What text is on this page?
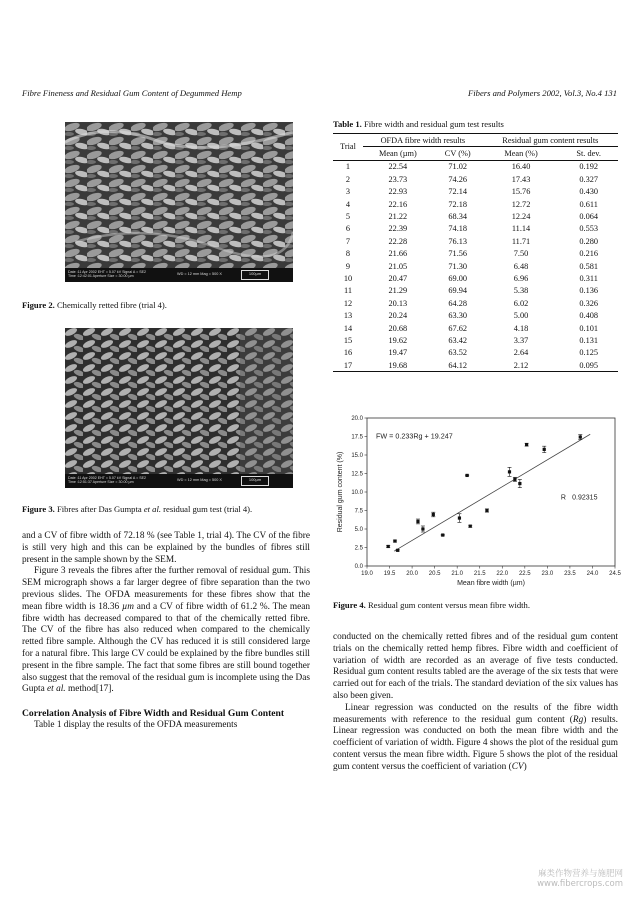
Fibre Fineness and Residual Gum Content of Degummed Hemp	Fibers and Polymers 2002, Vol.3, No.4 131
Date :11 Apr 2002 EHT = 5.07 kV Signal A = SE2
Time :12:42:01 Aperture Size = 30.00 µm
WD = 12 mm Mag = 500 X	100µm
Figure 2. Chemically retted fibre (trial 4).
Date :11 Apr 2002 EHT = 5.07 kV Signal A = SE2
Time :12:51:37 Aperture Size = 30.00 µm
WD = 12 mm Mag = 500 X	100µm
Figure 3. Fibres after Das Gumpta et al. residual gum test (trial 4).

and a CV of fibre width of 72.18 % (see Table 1, trial 4). The CV of the fibre is still very high and this can be explained by the bundles of fibres still present in the sample shown by the SEM.

Figure 3 reveals the fibres after the further removal of residual gum. This SEM micrograph shows a far larger degree of fibre separation than the two previous slides. The OFDA measurements for these fibres show that the mean fibre width is 18.36 µm and a CV of fibre width of 61.2 %. The mean fibre width has decreased compared to that of the chemically retted fibre. The CV of the fibre has also reduced when compared to the chemically retted fibre sample. Although the CV has reduced it is still considered large for a natural fibre. This large CV could be explained by the fibre bundles still present in the fibre sample. The fact that some fibres are still bound together also suggest that the removal of the residual gum is incomplete using the Das Gupta et al. method[17].

Correlation Analysis of Fibre Width and Residual Gum Content

Table 1 display the results of the OFDA measurements

Table 1. Fibre width and residual gum test results
Trial	OFDA fibre width results		Residual gum content results	
	Mean (µm)	CV (%)	Mean (%)	St. dev.
1	22.54	71.02	16.40	0.192
2	23.73	74.26	17.43	0.327
3	22.93	72.14	15.76	0.430
4	22.16	72.18	12.72	0.611
5	21.22	68.34	12.24	0.064
6	22.39	74.18	11.14	0.553
7	22.28	76.13	11.71	0.280
8	21.66	71.56	7.50	0.216
9	21.05	71.30	6.48	0.581
10	20.47	69.00	6.96	0.311
11	21.29	69.94	5.38	0.136
12	20.13	64.28	6.02	0.326
13	20.24	63.30	5.00	0.408
14	20.68	67.62	4.18	0.101
15	19.62	63.42	3.37	0.131
16	19.47	63.52	2.64	0.125
17	19.68	64.12	2.12	0.095
19.0 19.5 20.0 20.5 21.0 21.5 22.0 22.5 23.0 23.5 24.0 24.5
0.0
2.5
5.0
7.5
10.0
12.5
15.0
17.5
20.0
FW = 0.233Rg + 19.247
R 0.92315
Mean fibre width (µm)
Residual gum content (%)
Figure 4. Residual gum content versus mean fibre width.

conducted on the chemically retted fibres and of the residual gum content trials on the chemically retted hemp fibres. Fibre width and coefficient of variation of width are recorded as an average of five tests conducted. Residual gum content results tabled are the average of the six tests that were carried out for each of the trials. The standard deviation of the six values has also been given.

Linear regression was conducted on the results of the fibre width measurements with reference to the residual gum content (Rg) results. Linear regression was conducted on both the mean fibre width and the coefficient of variation of width. Figure 4 shows the plot of the residual gum content versus the mean fibre width. Figure 5 shows the plot of the residual gum content versus the coefficient of variation (CV)

麻类作物营养与施肥网
www.fibercrops.com
